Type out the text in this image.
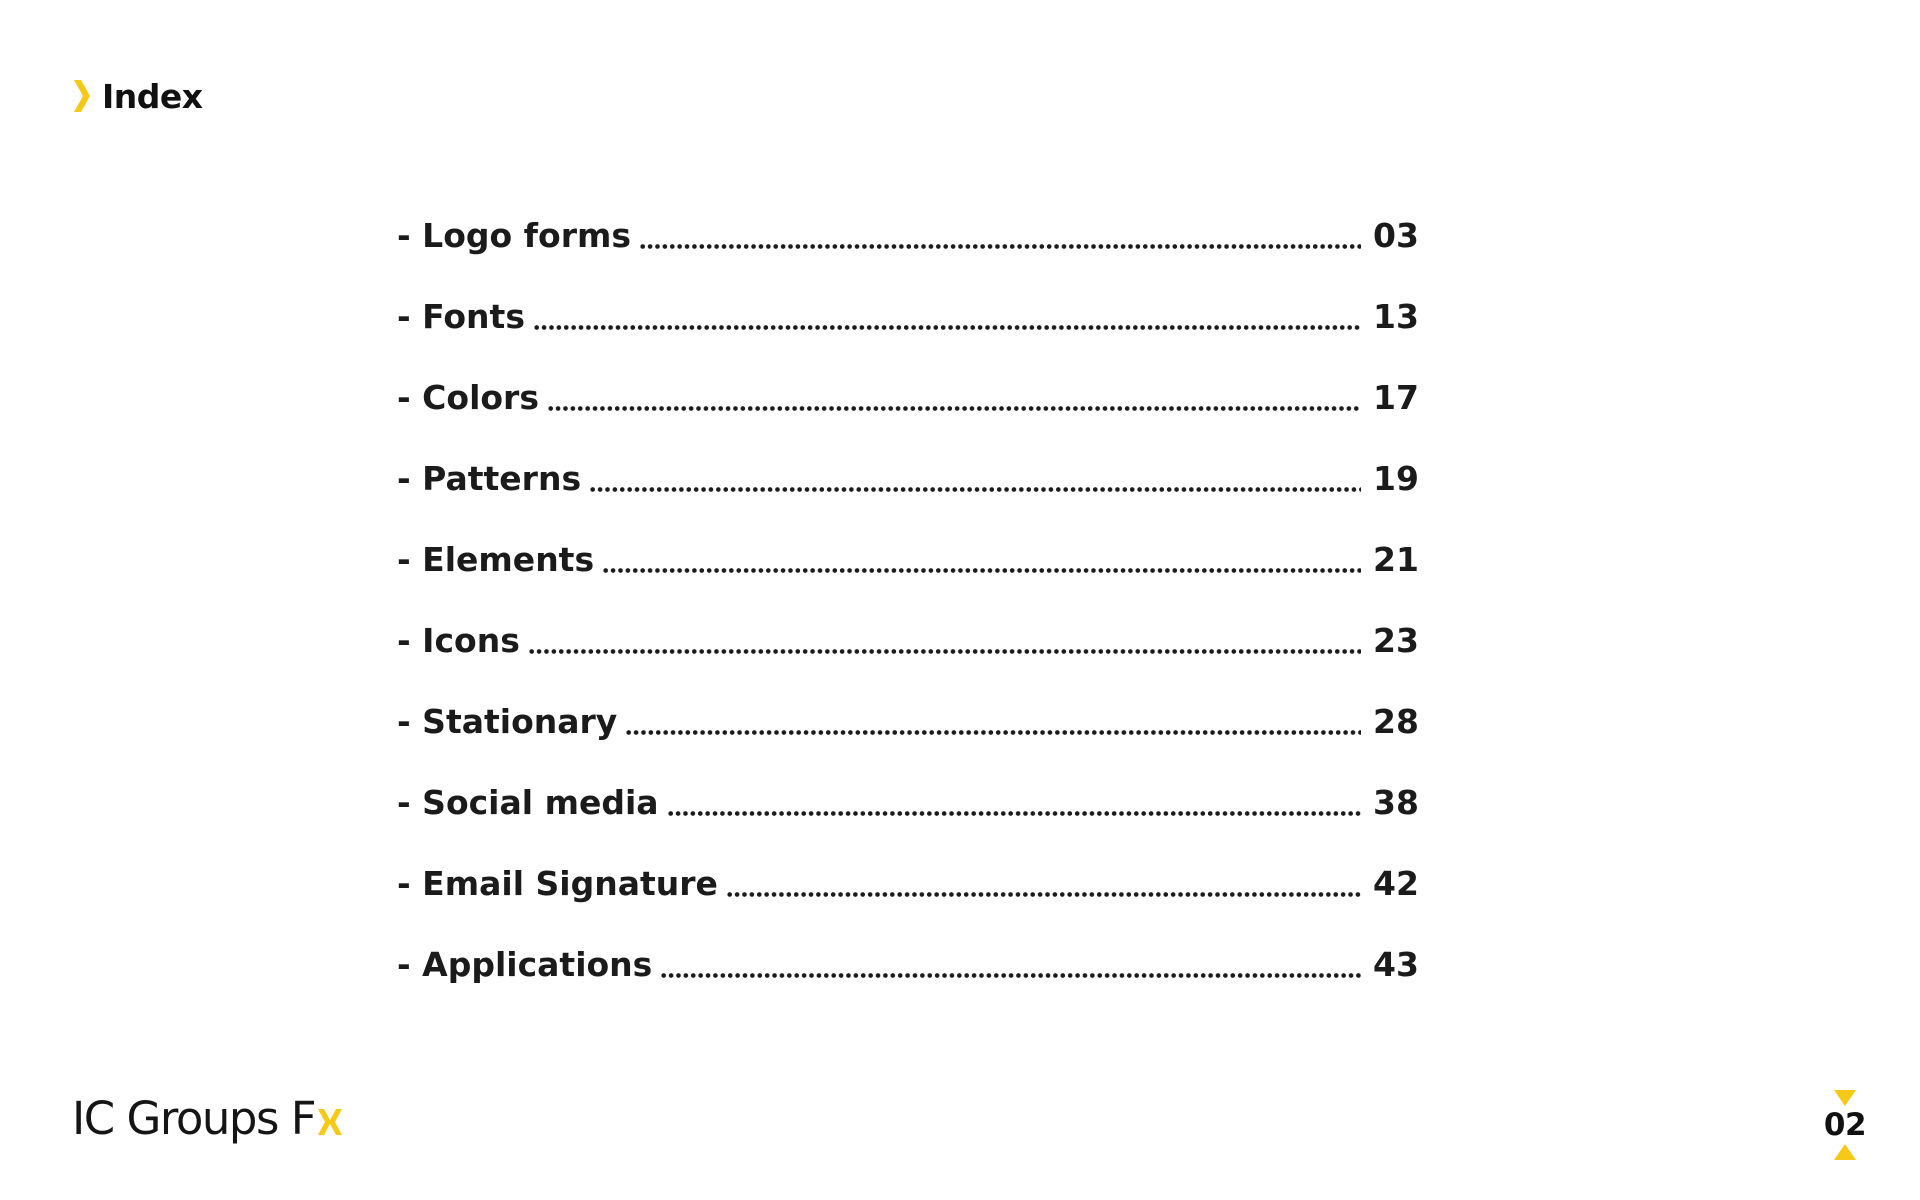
Index
- Logo forms	03
- Fonts	13
- Colors	17
- Patterns	19
- Elements	21
- Icons	23
- Stationary	28
- Social media	38
- Email Signature	42
- Applications	43
IC Groups F	02
